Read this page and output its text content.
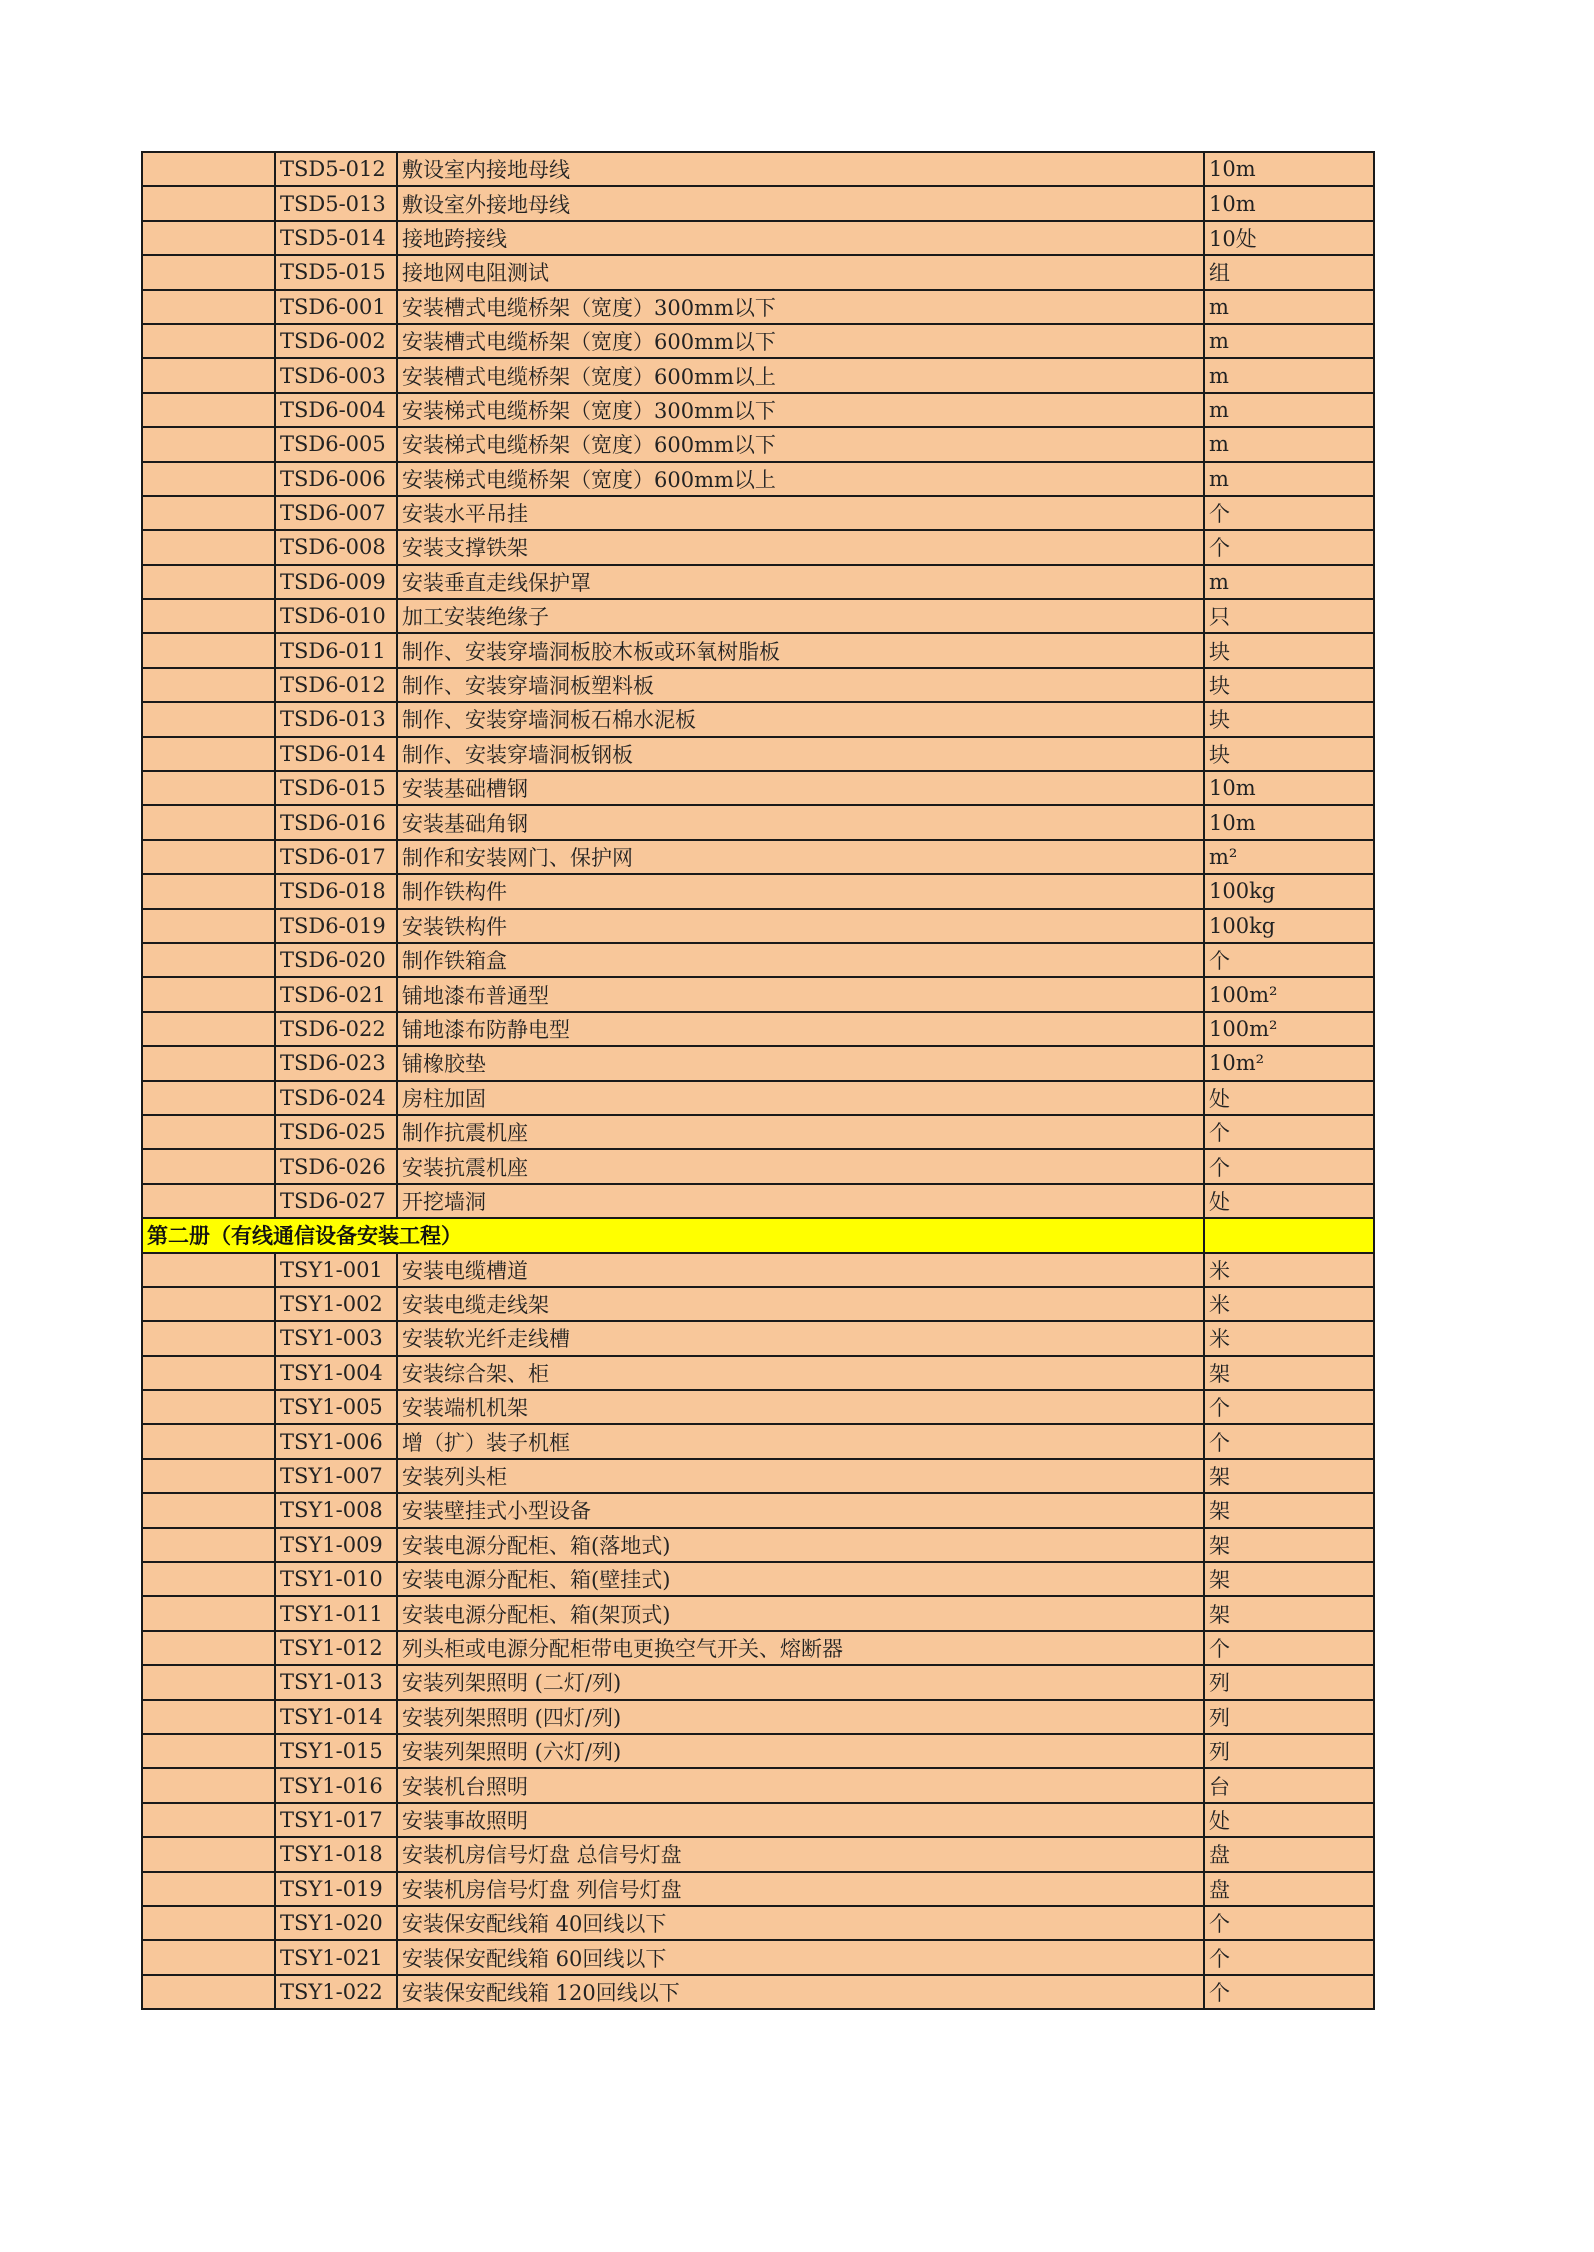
	TSD5-012	敷设室内接地母线	10m
	TSD5-013	敷设室外接地母线	10m
	TSD5-014	接地跨接线	10处
	TSD5-015	接地网电阻测试	组
	TSD6-001	安装槽式电缆桥架（宽度）300mm以下	m
	TSD6-002	安装槽式电缆桥架（宽度）600mm以下	m
	TSD6-003	安装槽式电缆桥架（宽度）600mm以上	m
	TSD6-004	安装梯式电缆桥架（宽度）300mm以下	m
	TSD6-005	安装梯式电缆桥架（宽度）600mm以下	m
	TSD6-006	安装梯式电缆桥架（宽度）600mm以上	m
	TSD6-007	安装水平吊挂	个
	TSD6-008	安装支撑铁架	个
	TSD6-009	安装垂直走线保护罩	m
	TSD6-010	加工安装绝缘子	只
	TSD6-011	制作、安装穿墙洞板胶木板或环氧树脂板	块
	TSD6-012	制作、安装穿墙洞板塑料板	块
	TSD6-013	制作、安装穿墙洞板石棉水泥板	块
	TSD6-014	制作、安装穿墙洞板钢板	块
	TSD6-015	安装基础槽钢	10m
	TSD6-016	安装基础角钢	10m
	TSD6-017	制作和安装网门、保护网	m²
	TSD6-018	制作铁构件	100kg
	TSD6-019	安装铁构件	100kg
	TSD6-020	制作铁箱盒	个
	TSD6-021	铺地漆布普通型	100m²
	TSD6-022	铺地漆布防静电型	100m²
	TSD6-023	铺橡胶垫	10m²
	TSD6-024	房柱加固	处
	TSD6-025	制作抗震机座	个
	TSD6-026	安装抗震机座	个
	TSD6-027	开挖墙洞	处
第二册（有线通信设备安装工程）			
	TSY1-001	安装电缆槽道	米
	TSY1-002	安装电缆走线架	米
	TSY1-003	安装软光纤走线槽	米
	TSY1-004	安装综合架、柜	架
	TSY1-005	安装端机机架	个
	TSY1-006	增（扩）装子机框	个
	TSY1-007	安装列头柜	架
	TSY1-008	安装壁挂式小型设备	架
	TSY1-009	安装电源分配柜、箱(落地式)	架
	TSY1-010	安装电源分配柜、箱(壁挂式)	架
	TSY1-011	安装电源分配柜、箱(架顶式)	架
	TSY1-012	列头柜或电源分配柜带电更换空气开关、熔断器	个
	TSY1-013	安装列架照明 (二灯/列)	列
	TSY1-014	安装列架照明 (四灯/列)	列
	TSY1-015	安装列架照明 (六灯/列)	列
	TSY1-016	安装机台照明	台
	TSY1-017	安装事故照明	处
	TSY1-018	安装机房信号灯盘 总信号灯盘	盘
	TSY1-019	安装机房信号灯盘 列信号灯盘	盘
	TSY1-020	安装保安配线箱 40回线以下	个
	TSY1-021	安装保安配线箱 60回线以下	个
	TSY1-022	安装保安配线箱 120回线以下	个
